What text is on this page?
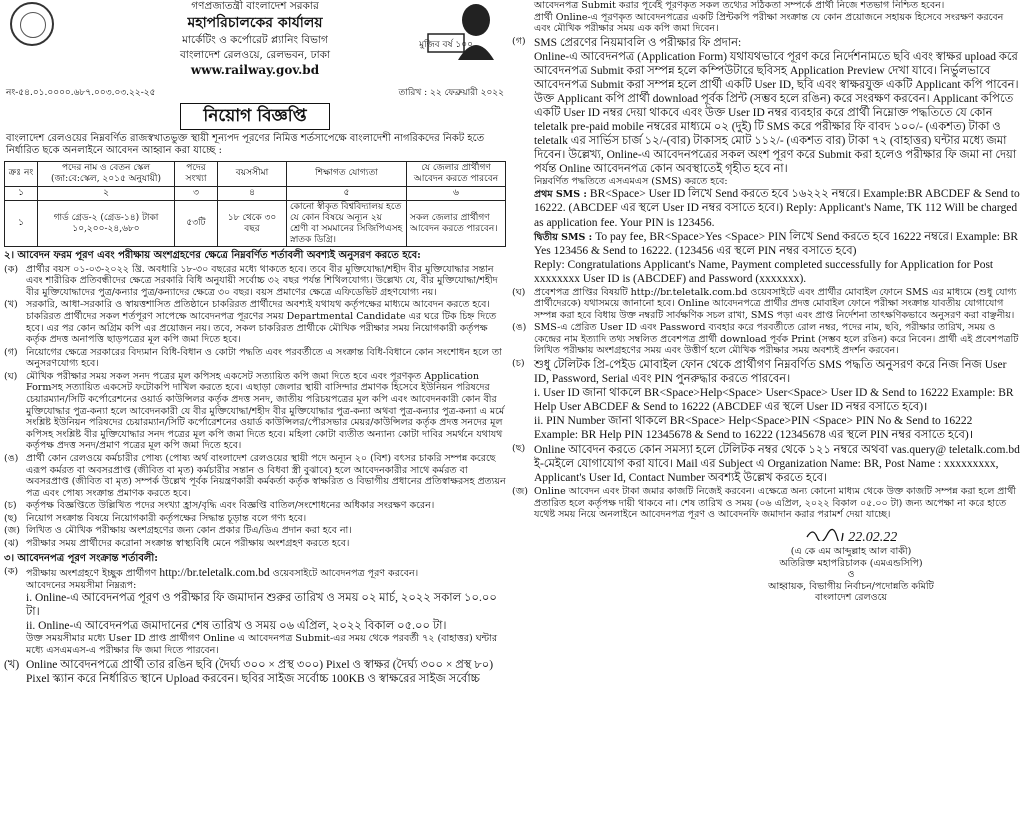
মুজিব বর্ষ ১০০
গণপ্রজাতন্ত্রী বাংলাদেশ সরকার
মহাপরিচালকের কার্যালয়
মার্কেটিং ও কর্পোরেট প্ল্যানিং বিভাগ
বাংলাদেশ রেলওয়ে, রেলভবন, ঢাকা
www.railway.gov.bd
নং-৫৪.০১.০০০০.৬৮৭.০০৩.০৩.২২-২৫	তারিখ : ২২ ফেব্রুয়ারী ২০২২
নিয়োগ বিজ্ঞপ্তি
বাংলাদেশ রেলওয়ের নিম্নবর্ণিত রাজস্বখাতভুক্ত স্থায়ী শূন্যপদ পূরণের নিমিত্ত শর্তসাপেক্ষে বাংলাদেশী নাগরিকদের নিকট হতে নির্ধারিত ছকে অনলাইনে আবেদন আহ্বান করা যাচ্ছে :
ক্রঃ নং	পদের নাম ও বেতন স্কেল (জা:বে:স্কেল, ২০১৫ অনুযায়ী)	পদের সংখ্যা	বয়সসীমা	শিক্ষাগত যোগ্যতা	যে জেলার প্রার্থীগণ আবেদন করতে পারবেন
১	২	৩	৪	৫	৬
১	গার্ড গ্রেড-২ (গ্রেড-১৪) টাকা ১০,২০০-২৪,৬৮০	৫৩টি	১৮ থেকে ৩০ বছর	কোনো স্বীকৃত বিশ্ববিদ্যালয় হতে যে কোন বিষয়ে অন্যূন ২য় শ্রেণী বা সমমানের সিজিপিএসহ স্নাতক ডিগ্রি।	সকল জেলার প্রার্থীগণ আবেদন করতে পারবেন।
২। আবেদন ফরম পূরণ এবং পরীক্ষায় অংশগ্রহণের ক্ষেত্রে নিম্নবর্ণিত শর্তাবলী অবশ্যই অনুসরণ করতে হবে:
(ক) প্রার্থীর বয়স ০১-০৩-২০২২ খ্রি. অবধারি ১৮-৩০ বছরের মধ্যে থাকতে হবে। তবে বীর মুক্তিযোদ্ধা/শহীদ বীর মুক্তিযোদ্ধার সন্তান এবং শারীরিক প্রতিবন্ধীদের ক্ষেত্রে সরকারি বিধি অনুযায়ী সর্বোচ্চ ৩২ বছর পর্যন্ত শিথিলযোগ্য। উল্লেখ্য যে, বীর মুক্তিযোদ্ধা/শহীদ বীর মুক্তিযোদ্ধাদের পুত্র/কন্যার পুত্র/কন্যাদের ক্ষেত্রে ৩০ বছর। বয়স প্রমাণের ক্ষেত্রে এফিডেভিট গ্রহণযোগ্য নয়।
(খ) সরকারি, আধা-সরকারি ও স্বায়ত্তশাসিত প্রতিষ্ঠানে চাকরিরত প্রার্থীদের অবশ্যই যথাযথ কর্তৃপক্ষের মাধ্যমে আবেদন করতে হবে। চাকরিরত প্রার্থীদের সকল শর্তপূরণ সাপেক্ষে আবেদনপত্র পূরণের সময় Departmental Candidate এর ঘরে টিক চিহ্ন দিতে হবে। এর পর কোন অগ্রিম কপি এর প্রয়োজন নয়। তবে, সকল চাকরিরত প্রার্থীকে মৌখিক পরীক্ষার সময় নিয়োগকারী কর্তৃপক্ষ কর্তৃক প্রদত্ত অনাপত্তি ছাড়পত্রের মূল কপি জমা দিতে হবে।
(গ) নিয়োগের ক্ষেত্রে সরকারের বিদ্যমান বিধি-বিধান ও কোটা পদ্ধতি এবং পরবর্তীতে এ সংক্রান্ত বিধি-বিধানে কোন সংশোধন হলে তা অনুসরণযোগ্য হবে।
(ঘ) মৌখিক পরীক্ষার সময় সকল সনদ পত্রের মূল কপিসহ একসেট সত্যায়িত কপি জমা দিতে হবে এবং পূরণকৃত Application Formসহ সত্যায়িত একসেট ফটোকপি দাখিল করতে হবে। এছাড়া জেলার স্থায়ী বাসিন্দার প্রমাণক হিসেবে ইউনিয়ন পরিষদের চেয়ারম্যান/সিটি কর্পোরেশনের ওয়ার্ড কাউন্সিলর কর্তৃক প্রদত্ত সনদ, জাতীয় পরিচয়পত্রের মূল কপি এবং আবেদনকারী কোন বীর মুক্তিযোদ্ধার পুত্র-কন্যা হলে আবেদনকারী যে বীর মুক্তিযোদ্ধা/শহীদ বীর মুক্তিযোদ্ধার পুত্র-কন্যা অথবা পুত্র-কন্যার পুত্র-কন্যা এ মর্মে সংশ্লিষ্ট ইউনিয়ন পরিষদের চেয়ারম্যান/সিটি কর্পোরেশনের ওয়ার্ড কাউন্সিলর/পৌরসভার মেয়র/কাউন্সিলর কর্তৃক প্রদত্ত সনদের মূল কপিসহ সংশ্লিষ্ট বীর মুক্তিযোদ্ধার সনদ পত্রের মূল কপি জমা দিতে হবে। মহিলা কোটা ব্যতীত অন্যান্য কোটা দাবির সমর্থনে যথাযথ কর্তৃপক্ষ প্রদত্ত সনদ/প্রমাণ পত্রের মূল কপি জমা দিতে হবে।
(ঙ) প্রার্থী কোন রেলওয়ে কর্মচারীর পোষ্য (পোষ্য অর্থ বাংলাদেশ রেলওয়ের স্থায়ী পদে অন্যূন ২০ (বিশ) বৎসর চাকরি সম্পন্ন করেছে এরূপ কর্মরত বা অবসরপ্রাপ্ত (জীবিত বা মৃত) কর্মচারীর সন্তান ও বিধবা স্ত্রী বুঝাবে) হলে আবেদনকারীর সাথে কর্মরত বা অবসরপ্রাপ্ত (জীবিত বা মৃত) সম্পর্ক উল্লেখ পূর্বক নিয়ন্ত্রণকারী কর্মকর্তা কর্তৃক স্বাক্ষরিত ও বিভাগীয় প্রধানের প্রতিস্বাক্ষরসহ প্রত্যয়ন পত্র এবং পোষ্য সংক্রান্ত প্রমাণক করতে হবে।
(চ) কর্তৃপক্ষ বিজ্ঞপ্তিতে উল্লিখিত পদের সংখ্যা হ্রাস/বৃদ্ধি এবং বিজ্ঞপ্তি বাতিল/সংশোধনের অধিকার সংরক্ষণ করেন।
(ছ) নিয়োগ সংক্রান্ত বিষয়ে নিয়োগকারী কর্তৃপক্ষের সিদ্ধান্ত চূড়ান্ত বলে গণ্য হবে।
(জ) লিখিত ও মৌখিক পরীক্ষায় অংশগ্রহণের জন্য কোন প্রকার টিএ/ডিএ প্রদান করা হবে না।
(ঝ) পরীক্ষার সময় প্রার্থীদের করোনা সংক্রান্ত স্বাস্থ্যবিধি মেনে পরীক্ষায় অংশগ্রহণ করতে হবে।
৩। আবেদনপত্র পূরণ সংক্রান্ত শর্তাবলী:
(ক) পরীক্ষায় অংশগ্রহণে ইচ্ছুক প্রার্থীগণ http://br.teletalk.com.bd ওয়েবসাইটে আবেদনপত্র পূরণ করবেন।
আবেদনের সময়সীমা নিম্নরূপ:
i. Online-এ আবেদনপত্র পূরণ ও পরীক্ষার ফি জমাদান শুরুর তারিখ ও সময় ০২ মার্চ, ২০২২ সকাল ১০.০০ টা।
ii. Online-এ আবেদনপত্র জমাদানের শেষ তারিখ ও সময় ০৬ এপ্রিল, ২০২২ বিকাল ০৫.০০ টা।
উক্ত সময়সীমার মধ্যে User ID প্রাপ্ত প্রার্থীগণ Online এ আবেদনপত্র Submit-এর সময় থেকে পরবর্তী ৭২ (বাহাত্তর) ঘন্টার মধ্যে এসএমএস-এ পরীক্ষার ফি জমা দিতে পারবেন।
(খ) Online আবেদনপত্রে প্রার্থী তার রঙিন ছবি (দৈর্ঘ্য ৩০০ × প্রস্থ ৩০০) Pixel ও স্বাক্ষর (দৈর্ঘ্য ৩০০ × প্রস্থ ৮০) Pixel স্ক্যান করে নির্ধারিত স্থানে Upload করবেন। ছবির সাইজ সর্বোচ্চ 100KB ও স্বাক্ষরের সাইজ সর্বোচ্চ
আবেদনপত্র Submit করার পূর্বেই পূরণকৃত সকল তথ্যের সঠিকতা সম্পর্কে প্রার্থী নিজে শতভাগ নিশ্চিত হবেন।
প্রার্থী Online-এ পূরণকৃত আবেদনপত্রের একটি প্রিন্টকপি পরীক্ষা সংক্রান্ত যে কোন প্রয়োজনে সহায়ক হিসেবে সংরক্ষণ করবেন এবং মৌখিক পরীক্ষার সময় এক কপি জমা দিবেন।
(গ) SMS প্রেরণের নিয়মাবলি ও পরীক্ষার ফি প্রদান:
Online-এ আবেদনপত্র (Application Form) যথাযথভাবে পূরণ করে নির্দেশনামতে ছবি এবং স্বাক্ষর upload করে আবেদনপত্র Submit করা সম্পন্ন হলে কম্পিউটারে ছবিসহ Application Preview দেখা যাবে। নির্ভুলভাবে আবেদনপত্র Submit করা সম্পন্ন হলে প্রার্থী একটি User ID, ছবি এবং স্বাক্ষরযুক্ত একটি Applicant কপি পাবেন। উক্ত Applicant কপি প্রার্থী download পূর্বক প্রিন্ট (সম্ভব হলে রঙিন) করে সংরক্ষণ করবেন। Applicant কপিতে একটি User ID নম্বর দেয়া থাকবে এবং উক্ত User ID নম্বর ব্যবহার করে প্রার্থী নিম্নোক্ত পদ্ধতিতে যে কোন teletalk pre-paid mobile নম্বরের মাধ্যমে ০২ (দুই) টি SMS করে পরীক্ষার ফি বাবদ ১০০/- (একশত) টাকা ও teletalk এর সার্ভিস চার্জ ১২/-(বার) টাকাসহ মোট ১১২/- (একশত বার) টাকা ৭২ (বাহাত্তর) ঘন্টার মধ্যে জমা দিবেন। উল্লেখ্য, Online-এ আবেদনপত্রের সকল অংশ পূরণ করে Submit করা হলেও পরীক্ষার ফি জমা না দেয়া পর্যন্ত Online আবেদনপত্র কোন অবস্থাতেই গৃহীত হবে না।
নিম্নবর্ণিত পদ্ধতিতে এসএমএস (SMS) করতে হবে:
প্রথম SMS : BR<Space> User ID লিখে Send করতে হবে ১৬২২২ নম্বরে। Example:BR ABCDEF & Send to 16222. (ABCDEF এর স্থলে User ID নম্বর বসাতে হবে।) Reply: Applicant's Name, TK 112 Will be charged as application fee. Your PIN is 123456.
দ্বিতীয় SMS : To pay fee, BR<Space>Yes <Space> PIN লিখে Send করতে হবে 16222 নম্বরে। Example: BR Yes 123456 & Send to 16222. (123456 এর স্থলে PIN নম্বর বসাতে হবে)
Reply: Congratulations Applicant's Name, Payment completed successfully for Application for Post xxxxxxxx User ID is (ABCDEF) and Password (xxxxxxx).
(ঘ) প্রবেশপত্র প্রাপ্তির বিষয়টি http://br.teletalk.com.bd ওয়েবসাইটে এবং প্রার্থীর মোবাইল ফোনে SMS এর মাধ্যমে (শুধু যোগ্য প্রার্থীদেরকে) যথাসময়ে জানানো হবে। Online আবেদনপত্রে প্রার্থীর প্রদত্ত মোবাইল ফোনে পরীক্ষা সংক্রান্ত যাবতীয় যোগাযোগ সম্পন্ন করা হবে বিধায় উক্ত নম্বরটি সার্বক্ষণিক সচল রাখা, SMS পড়া এবং প্রাপ্ত নির্দেশনা তাৎক্ষণিকভাবে অনুসরণ করা বাঞ্ছনীয়।
(ঙ) SMS-এ প্রেরিত User ID এবং Password ব্যবহার করে পরবর্তীতে রোল নম্বর, পদের নাম, ছবি, পরীক্ষার তারিখ, সময় ও কেন্দ্রের নাম ইত্যাদি তথ্য সম্বলিত প্রবেশপত্র প্রার্থী download পূর্বক Print (সম্ভব হলে রঙিন) করে নিবেন। প্রার্থী এই প্রবেশপত্রটি লিখিত পরীক্ষায় অংশগ্রহণের সময় এবং উত্তীর্ণ হলে মৌখিক পরীক্ষার সময় অবশ্যই প্রদর্শন করবেন।
(চ) শুধু টেলিটক প্রি-পেইড মোবাইল ফোন থেকে প্রার্থীগণ নিম্নবর্ণিত SMS পদ্ধতি অনুসরণ করে নিজ নিজ User ID, Password, Serial এবং PIN পুনরুদ্ধার করতে পারবেন।
i. User ID জানা থাকলে BR<Space>Help<Space> User<Space> User ID & Send to 16222 Example: BR Help User ABCDEF & Send to 16222 (ABCDEF এর স্থলে User ID নম্বর বসাতে হবে)।
ii. PIN Number জানা থাকলে BR<Space> Help<Space>PIN <Space> PIN No & Send to 16222
Example: BR Help PIN 12345678 & Send to 16222 (12345678 এর স্থলে PIN নম্বর বসাতে হবে)।
(ছ) Online আবেদন করতে কোন সমস্যা হলে টেলিটক নম্বর থেকে ১২১ নম্বরে অথবা vas.query@ teletalk.com.bd ই-মেইলে যোগাযোগ করা যাবে। Mail এর Subject এ Organization Name: BR, Post Name : xxxxxxxxx, Applicant's User Id, Contact Number অবশ্যই উল্লেখ করতে হবে।
(জ) Online আবেদন এবং টাকা জমার কাজটি নিজেই করবেন। এক্ষেত্রে অন্য কোনো মাধ্যম থেকে উক্ত কাজটি সম্পন্ন করা হলে প্রার্থী প্রতারিত হলে কর্তৃপক্ষ দায়ী থাকবে না। শেষ তারিখ ও সময় (০৬ এপ্রিল, ২০২২ বিকাল ০৫.০০ টা) জন্য অপেক্ষা না করে হাতে যথেষ্ট সময় নিয়ে অনলাইনে আবেদনপত্র পূরণ ও আবেদনফি জমাদান করার পরামর্শ দেয়া যাচ্ছে।
22.02.22
(এ কে এম আব্দুল্লাহ আল বাকী)
অতিরিক্ত মহাপরিচালক (এমএন্ডসিপি)
ও
আহ্বায়ক, বিভাগীয় নির্বাচন/পদোন্নতি কমিটি
বাংলাদেশ রেলওয়ে
